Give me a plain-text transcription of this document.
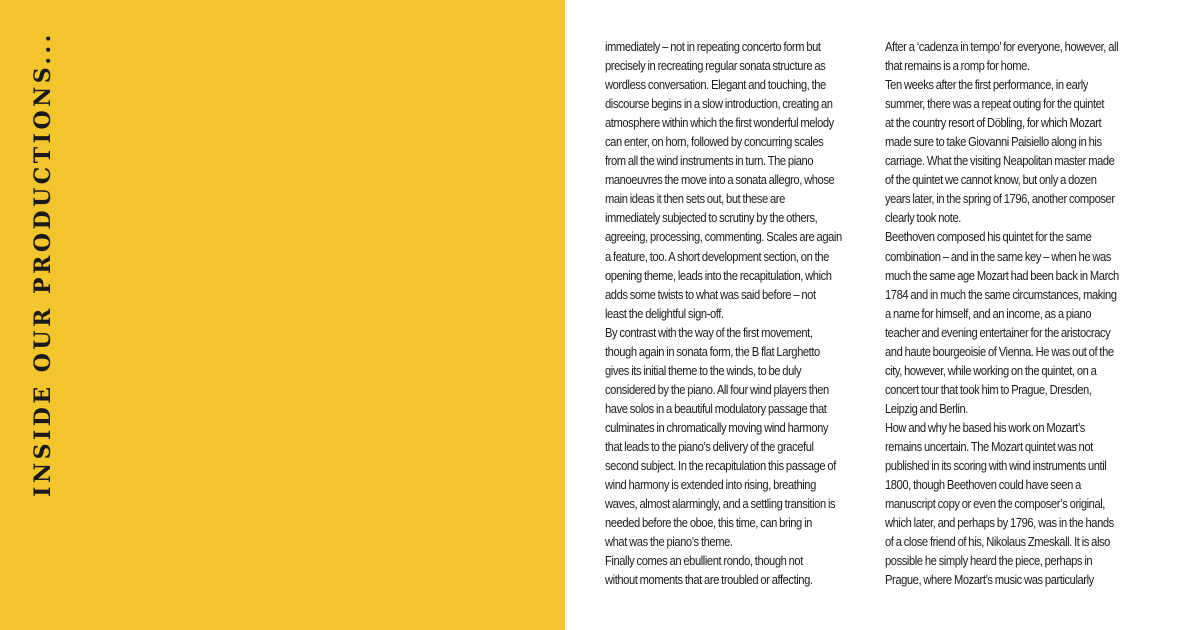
INSIDE OUR PRODUCTIONS...	immediately – not in repeating concerto form but
precisely in recreating regular sonata structure as
wordless conversation. Elegant and touching, the
discourse begins in a slow introduction, creating an
atmosphere within which the first wonderful melody
can enter, on horn, followed by concurring scales
from all the wind instruments in turn. The piano
manoeuvres the move into a sonata allegro, whose
main ideas it then sets out, but these are
immediately subjected to scrutiny by the others,
agreeing, processing, commenting. Scales are again
a feature, too. A short development section, on the
opening theme, leads into the recapitulation, which
adds some twists to what was said before – not
least the delightful sign-off.
By contrast with the way of the first movement,
though again in sonata form, the B flat Larghetto
gives its initial theme to the winds, to be duly
considered by the piano. All four wind players then
have solos in a beautiful modulatory passage that
culminates in chromatically moving wind harmony
that leads to the piano’s delivery of the graceful
second subject. In the recapitulation this passage of
wind harmony is extended into rising, breathing
waves, almost alarmingly, and a settling transition is
needed before the oboe, this time, can bring in
what was the piano’s theme.
Finally comes an ebullient rondo, though not
without moments that are troubled or affecting.
After a ‘cadenza in tempo’ for everyone, however, all
that remains is a romp for home.
Ten weeks after the first performance, in early
summer, there was a repeat outing for the quintet
at the country resort of Döbling, for which Mozart
made sure to take Giovanni Paisiello along in his
carriage. What the visiting Neapolitan master made
of the quintet we cannot know, but only a dozen
years later, in the spring of 1796, another composer
clearly took note.
Beethoven composed his quintet for the same
combination – and in the same key – when he was
much the same age Mozart had been back in March
1784 and in much the same circumstances, making
a name for himself, and an income, as a piano
teacher and evening entertainer for the aristocracy
and haute bourgeoisie of Vienna. He was out of the
city, however, while working on the quintet, on a
concert tour that took him to Prague, Dresden,
Leipzig and Berlin.
How and why he based his work on Mozart’s
remains uncertain. The Mozart quintet was not
published in its scoring with wind instruments until
1800, though Beethoven could have seen a
manuscript copy or even the composer’s original,
which later, and perhaps by 1796, was in the hands
of a close friend of his, Nikolaus Zmeskall. It is also
possible he simply heard the piece, perhaps in
Prague, where Mozart’s music was particularly
